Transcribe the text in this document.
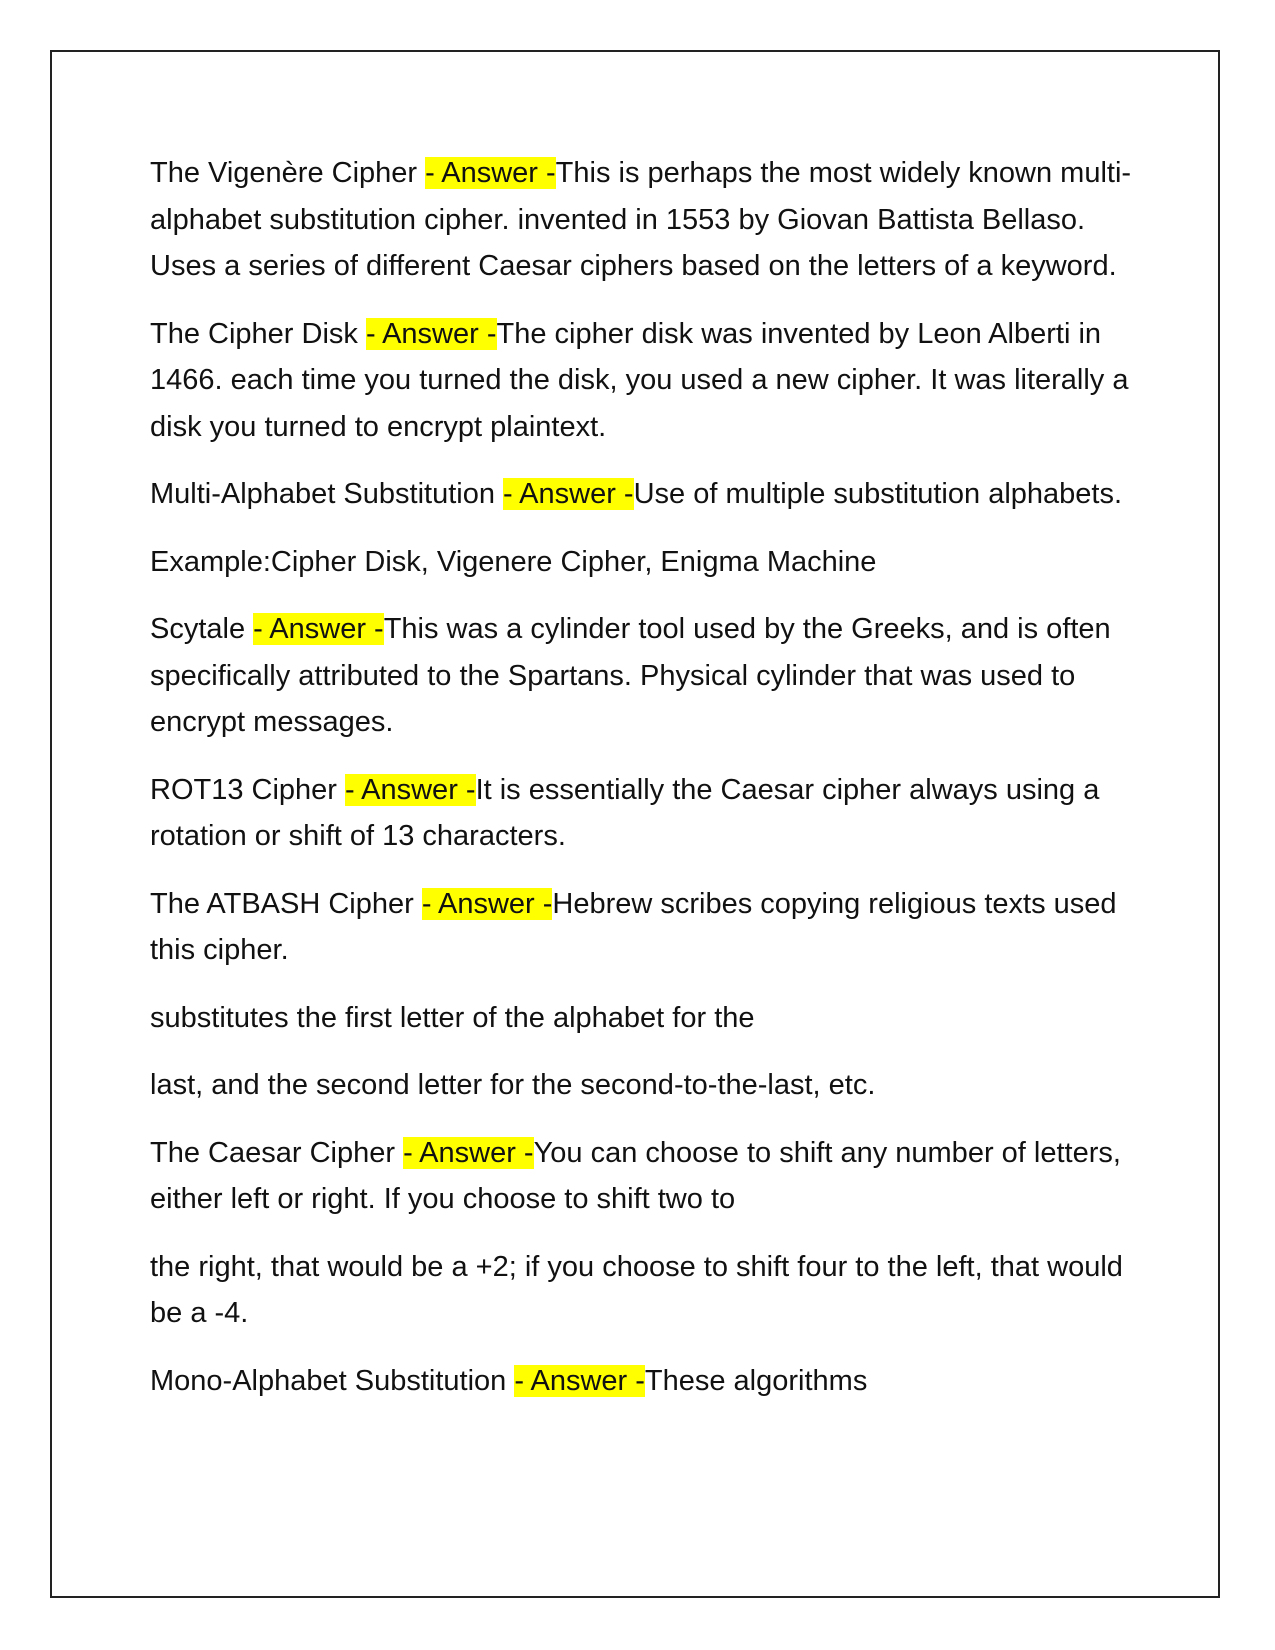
The Vigenère Cipher - Answer -This is perhaps the most widely known multi-alphabet substitution cipher. invented in 1553 by Giovan Battista Bellaso. Uses a series of different Caesar ciphers based on the letters of a keyword.

The Cipher Disk - Answer -The cipher disk was invented by Leon Alberti in 1466. each time you turned the disk, you used a new cipher. It was literally a disk you turned to encrypt plaintext.

Multi-Alphabet Substitution - Answer -Use of multiple substitution alphabets.

Example:Cipher Disk, Vigenere Cipher, Enigma Machine

Scytale - Answer -This was a cylinder tool used by the Greeks, and is often specifically attributed to the Spartans. Physical cylinder that was used to encrypt messages.

ROT13 Cipher - Answer -It is essentially the Caesar cipher always using a rotation or shift of 13 characters.

The ATBASH Cipher - Answer -Hebrew scribes copying religious texts used this cipher.

substitutes the first letter of the alphabet for the

last, and the second letter for the second-to-the-last, etc.

The Caesar Cipher - Answer -You can choose to shift any number of letters, either left or right. If you choose to shift two to

the right, that would be a +2; if you choose to shift four to the left, that would be a -4.

Mono-Alphabet Substitution - Answer -These algorithms
